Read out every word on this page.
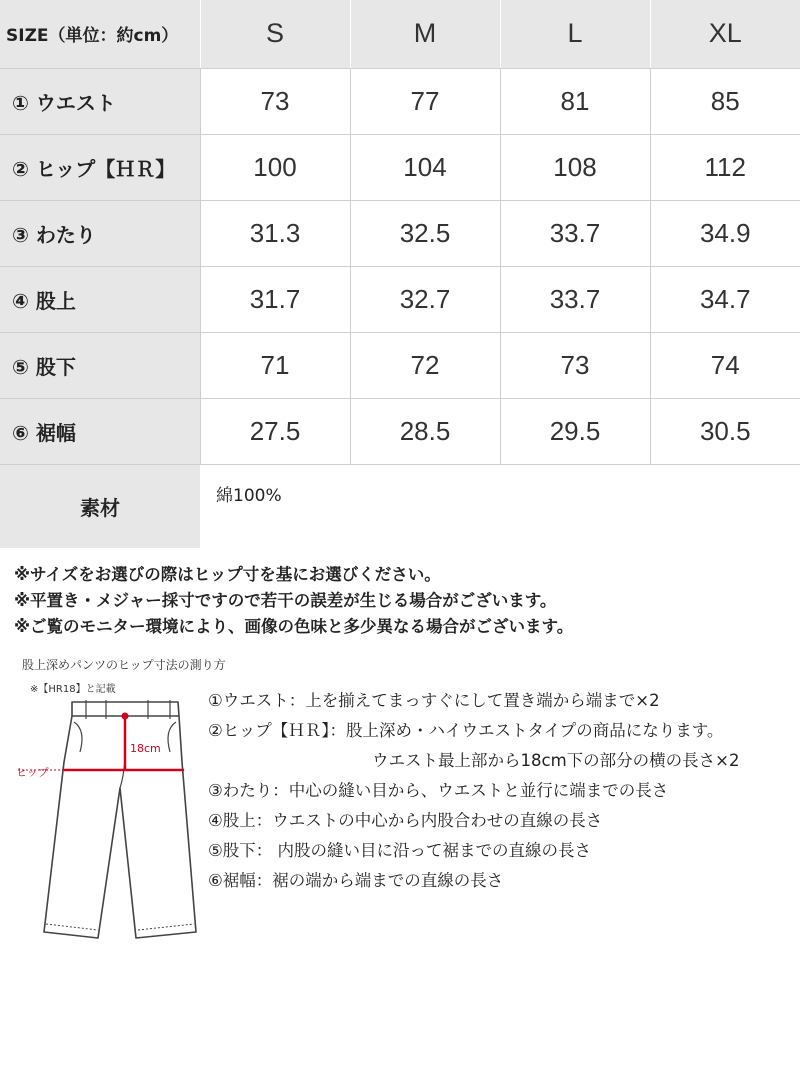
SIZE（単位：約cm）	S	M	L	XL
① ウエスト	73	77	81	85
② ヒップ【ＨＲ】	100	104	108	112
③ わたり	31.3	32.5	33.7	34.9
④ 股上	31.7	32.7	33.7	34.7
⑤ 股下	71	72	73	74
⑥ 裾幅	27.5	28.5	29.5	30.5
素材	綿100%			
※サイズをお選びの際はヒップ寸を基にお選びください。
※平置き・メジャー採寸ですので若干の誤差が生じる場合がございます。
※ご覧のモニター環境により、画像の色味と多少異なる場合がございます。
股上深めパンツのヒップ寸法の測り方
※【HR18】と記載
18cm
ヒップ
①ウエスト：上を揃えてまっすぐにして置き端から端まで×2
②ヒップ【ＨＲ】：股上深め・ハイウエストタイプの商品になります。
ウエスト最上部から18cm下の部分の横の長さ×2
③わたり：中心の縫い目から、ウエストと並行に端までの長さ
④股上：ウエストの中心から内股合わせの直線の長さ
⑤股下： 内股の縫い目に沿って裾までの直線の長さ
⑥裾幅：裾の端から端までの直線の長さ
